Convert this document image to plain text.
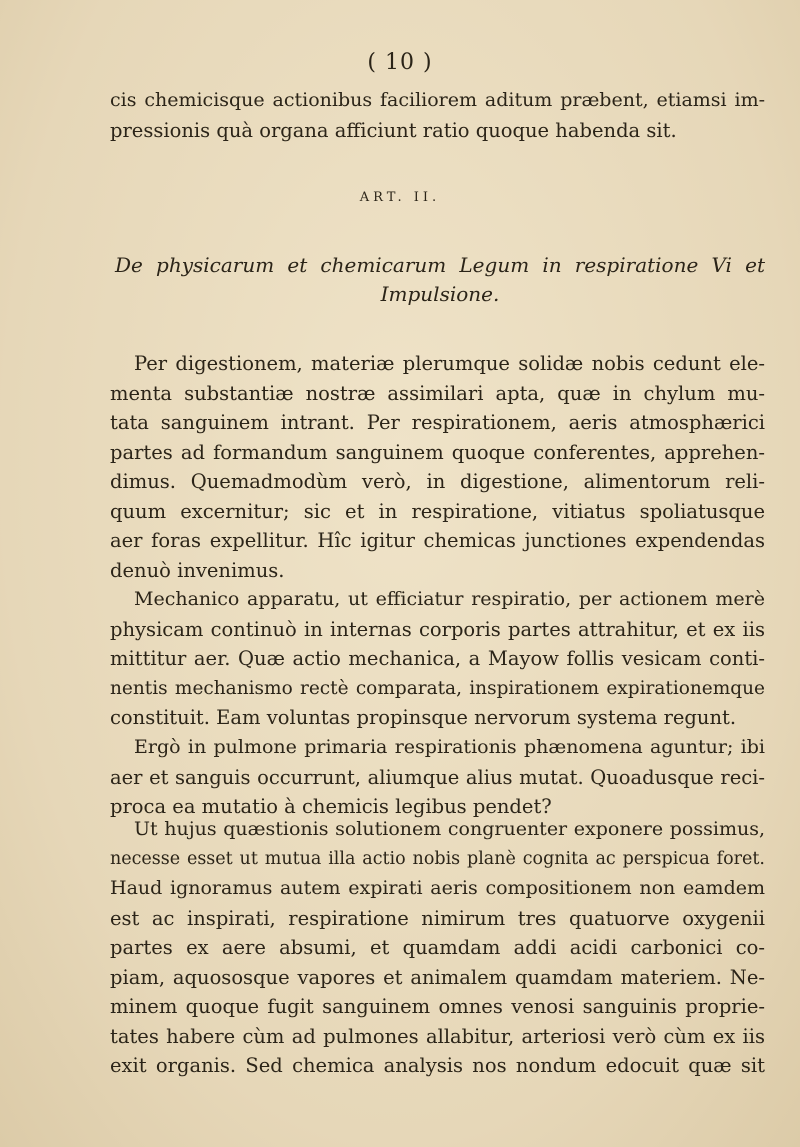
( 10 )
cis chemicisque actionibus faciliorem aditum præbent, etiamsi im-
pressionis quà organa afficiunt ratio quoque habenda sit.
ART. II.
De physicarum et chemicarum Legum in respiratione Vi et
Impulsione.
Per digestionem, materiæ plerumque solidæ nobis cedunt ele-
menta substantiæ nostræ assimilari apta, quæ in chylum mu-
tata sanguinem intrant. Per respirationem, aeris atmosphærici
partes ad formandum sanguinem quoque conferentes, apprehen-
dimus. Quemadmodùm verò, in digestione, alimentorum reli-
quum excernitur; sic et in respiratione, vitiatus spoliatusque
aer foras expellitur. Hîc igitur chemicas junctiones expendendas
denuò invenimus.
Mechanico apparatu, ut efficiatur respiratio, per actionem merè
physicam continuò in internas corporis partes attrahitur, et ex iis
mittitur aer. Quæ actio mechanica, a Mayow follis vesicam conti-
nentis mechanismo rectè comparata, inspirationem expirationemque
constituit. Eam voluntas propinsque nervorum systema regunt.
Ergò in pulmone primaria respirationis phænomena aguntur; ibi
aer et sanguis occurrunt, aliumque alius mutat. Quoadusque reci-
proca ea mutatio à chemicis legibus pendet?
Ut hujus quæstionis solutionem congruenter exponere possimus,
necesse esset ut mutua illa actio nobis planè cognita ac perspicua foret.
Haud ignoramus autem expirati aeris compositionem non eamdem
est ac inspirati, respiratione nimirum tres quatuorve oxygenii
partes ex aere absumi, et quamdam addi acidi carbonici co-
piam, aquososque vapores et animalem quamdam materiem. Ne-
minem quoque fugit sanguinem omnes venosi sanguinis proprie-
tates habere cùm ad pulmones allabitur, arteriosi verò cùm ex iis
exit organis. Sed chemica analysis nos nondum edocuit quæ sit
